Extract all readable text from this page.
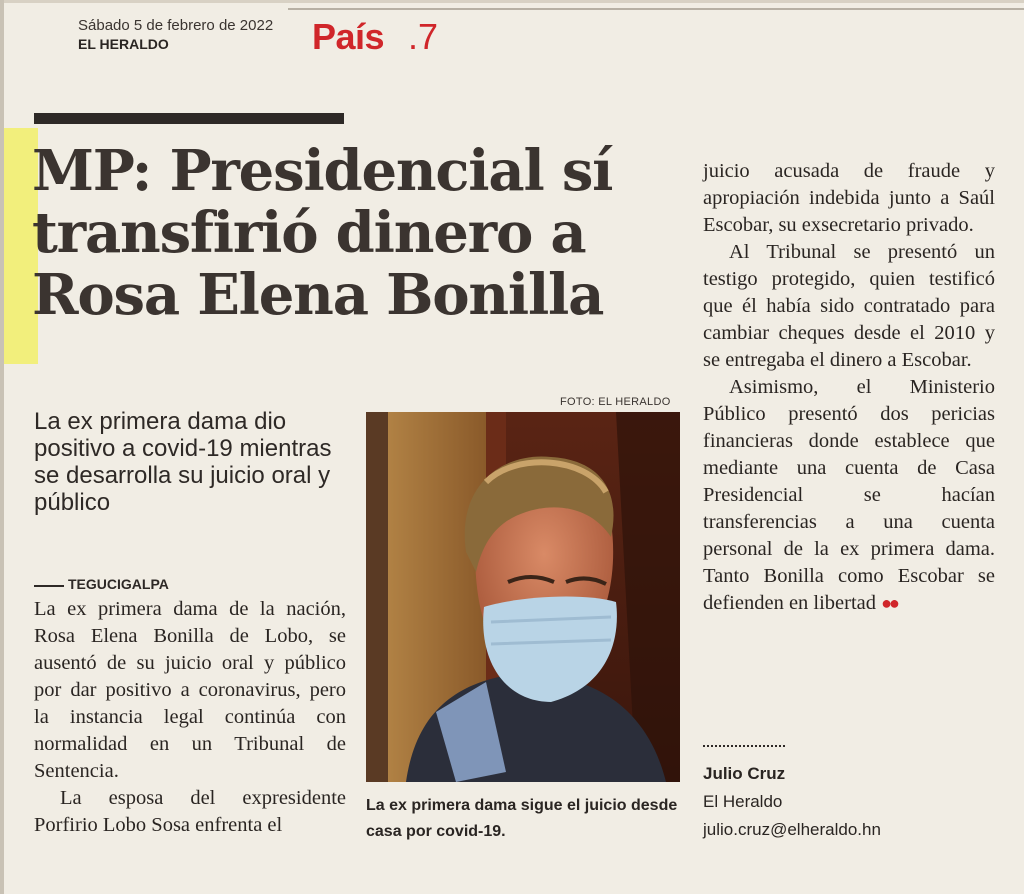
Sábado 5 de febrero de 2022
EL HERALDO	País .7
MP: Presidencial sí
transfirió dinero a
Rosa Elena Bonilla
La ex primera dama dio positivo a covid-19 mientras se desarrolla su juicio oral y público
TEGUCIGALPA

La ex primera dama de la nación, Rosa Elena Bonilla de Lobo, se ausentó de su juicio oral y público por dar positivo a coronavirus, pero la instancia legal continúa con normalidad en un Tribunal de Sentencia.

La esposa del expresidente Porfirio Lobo Sosa enfrenta el

FOTO: EL HERALDO
La ex primera dama sigue el juicio desde casa por covid-19.

juicio acusada de fraude y apropiación indebida junto a Saúl Escobar, su exsecretario privado.

Al Tribunal se presentó un testigo protegido, quien testificó que él había sido contratado para cambiar cheques desde el 2010 y se entregaba el dinero a Escobar.

Asimismo, el Ministerio Público presentó dos pericias financieras donde establece que mediante una cuenta de Casa Presidencial se hacían transferencias a una cuenta personal de la ex primera dama. Tanto Bonilla como Escobar se defienden en libertad ●●

Julio Cruz
El Heraldo
julio.cruz@elheraldo.hn
